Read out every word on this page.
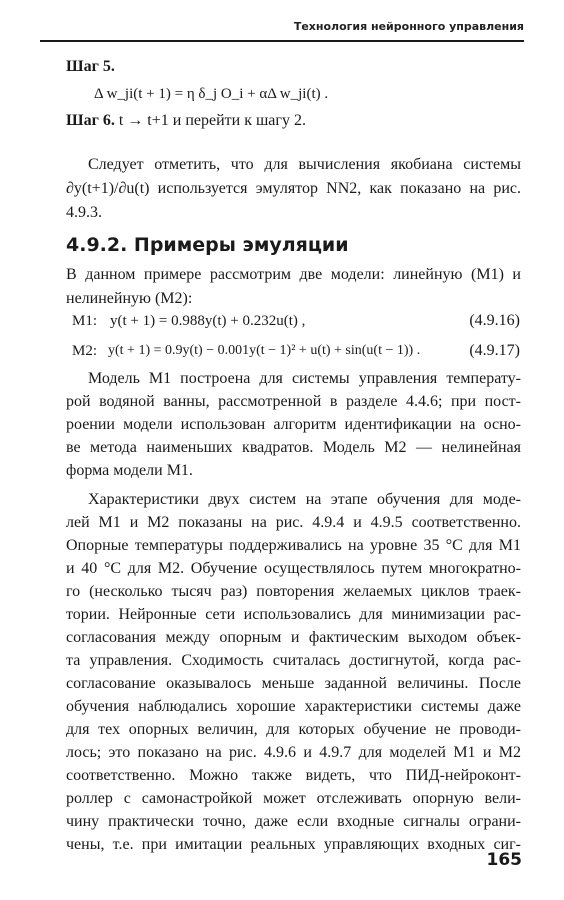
Технология нейронного управления
Шаг 5.
Δ w_ji(t + 1) = η δ_j O_i + αΔ w_ji(t) .
Шаг 6. t → t+1 и перейти к шагу 2.
Следует отметить, что для вычисления якобиана системы
∂y(t+1)/∂u(t) используется эмулятор NN2, как показано на рис.
4.9.3.
4.9.2. Примеры эмуляции
В данном примере рассмотрим две модели: линейную (M1) и
нелинейную (M2):
M1: y(t + 1) = 0.988y(t) + 0.232u(t) ,	(4.9.16)
M2: y(t + 1) = 0.9y(t) − 0.001y(t − 1)² + u(t) + sin(u(t − 1)) .	(4.9.17)
Модель M1 построена для системы управления температу-
рой водяной ванны, рассмотренной в разделе 4.4.6; при пост-
роении модели использован алгоритм идентификации на осно-
ве метода наименьших квадратов. Модель M2 — нелинейная
форма модели M1.
Характеристики двух систем на этапе обучения для моде-
лей M1 и M2 показаны на рис. 4.9.4 и 4.9.5 соответственно.
Опорные температуры поддерживались на уровне 35 °C для M1
и 40 °C для M2. Обучение осуществлялось путем многократно-
го (несколько тысяч раз) повторения желаемых циклов траек-
тории. Нейронные сети использовались для минимизации рас-
согласования между опорным и фактическим выходом объек-
та управления. Сходимость считалась достигнутой, когда рас-
согласование оказывалось меньше заданной величины. После
обучения наблюдались хорошие характеристики системы даже
для тех опорных величин, для которых обучение не проводи-
лось; это показано на рис. 4.9.6 и 4.9.7 для моделей M1 и M2
соответственно. Можно также видеть, что ПИД-нейроконт-
роллер с самонастройкой может отслеживать опорную вели-
чину практически точно, даже если входные сигналы ограни-
чены, т.е. при имитации реальных управляющих входных сиг-
165
